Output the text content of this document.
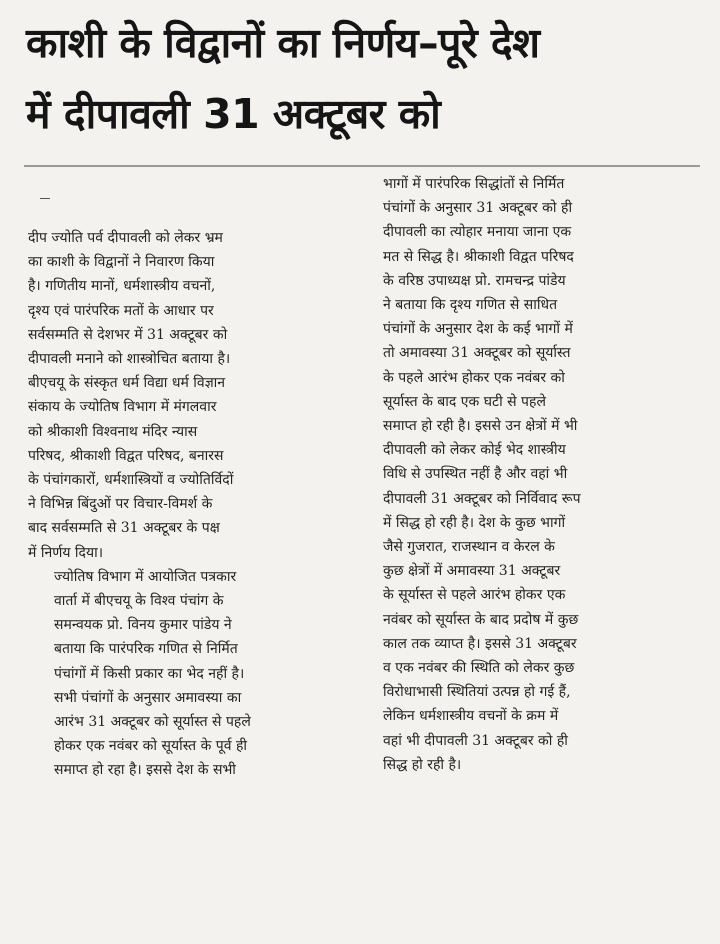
काशी के विद्वानों का निर्णय–पूरे देश
में दीपावली 31 अक्टूबर को

दीप ज्योति पर्व दीपावली को लेकर भ्रम
का काशी के विद्वानों ने निवारण किया
है। गणितीय मानों, धर्मशास्त्रीय वचनों,
दृश्य एवं पारंपरिक मतों के आधार पर
सर्वसम्मति से देशभर में 31 अक्टूबर को
दीपावली मनाने को शास्त्रोचित बताया है।
बीएचयू के संस्कृत धर्म विद्या धर्म विज्ञान
संकाय के ज्योतिष विभाग में मंगलवार
को श्रीकाशी विश्वनाथ मंदिर न्यास
परिषद, श्रीकाशी विद्वत परिषद, बनारस
के पंचांगकारों, धर्मशास्त्रियों व ज्योतिर्विदों
ने विभिन्न बिंदुओं पर विचार-विमर्श के
बाद सर्वसम्मति से 31 अक्टूबर के पक्ष
में निर्णय दिया।

ज्योतिष विभाग में आयोजित पत्रकार
वार्ता में बीएचयू के विश्व पंचांग के
समन्वयक प्रो. विनय कुमार पांडेय ने
बताया कि पारंपरिक गणित से निर्मित
पंचांगों में किसी प्रकार का भेद नहीं है।
सभी पंचांगों के अनुसार अमावस्या का
आरंभ 31 अक्टूबर को सूर्यास्त से पहले
होकर एक नवंबर को सूर्यास्त के पूर्व ही
समाप्त हो रहा है। इससे देश के सभी

भागों में पारंपरिक सिद्धांतों से निर्मित
पंचांगों के अनुसार 31 अक्टूबर को ही
दीपावली का त्योहार मनाया जाना एक
मत से सिद्ध है। श्रीकाशी विद्वत परिषद
के वरिष्ठ उपाध्यक्ष प्रो. रामचन्द्र पांडेय
ने बताया कि दृश्य गणित से साधित
पंचांगों के अनुसार देश के कई भागों में
तो अमावस्या 31 अक्टूबर को सूर्यास्त
के पहले आरंभ होकर एक नवंबर को
सूर्यास्त के बाद एक घटी से पहले
समाप्त हो रही है। इससे उन क्षेत्रों में भी
दीपावली को लेकर कोई भेद शास्त्रीय
विधि से उपस्थित नहीं है और वहां भी
दीपावली 31 अक्टूबर को निर्विवाद रूप
में सिद्ध हो रही है। देश के कुछ भागों
जैसे गुजरात, राजस्थान व केरल के
कुछ क्षेत्रों में अमावस्या 31 अक्टूबर
के सूर्यास्त से पहले आरंभ होकर एक
नवंबर को सूर्यास्त के बाद प्रदोष में कुछ
काल तक व्याप्त है। इससे 31 अक्टूबर
व एक नवंबर की स्थिति को लेकर कुछ
विरोधाभासी स्थितियां उत्पन्न हो गई हैं,
लेकिन धर्मशास्त्रीय वचनों के क्रम में
वहां भी दीपावली 31 अक्टूबर को ही
सिद्ध हो रही है।
